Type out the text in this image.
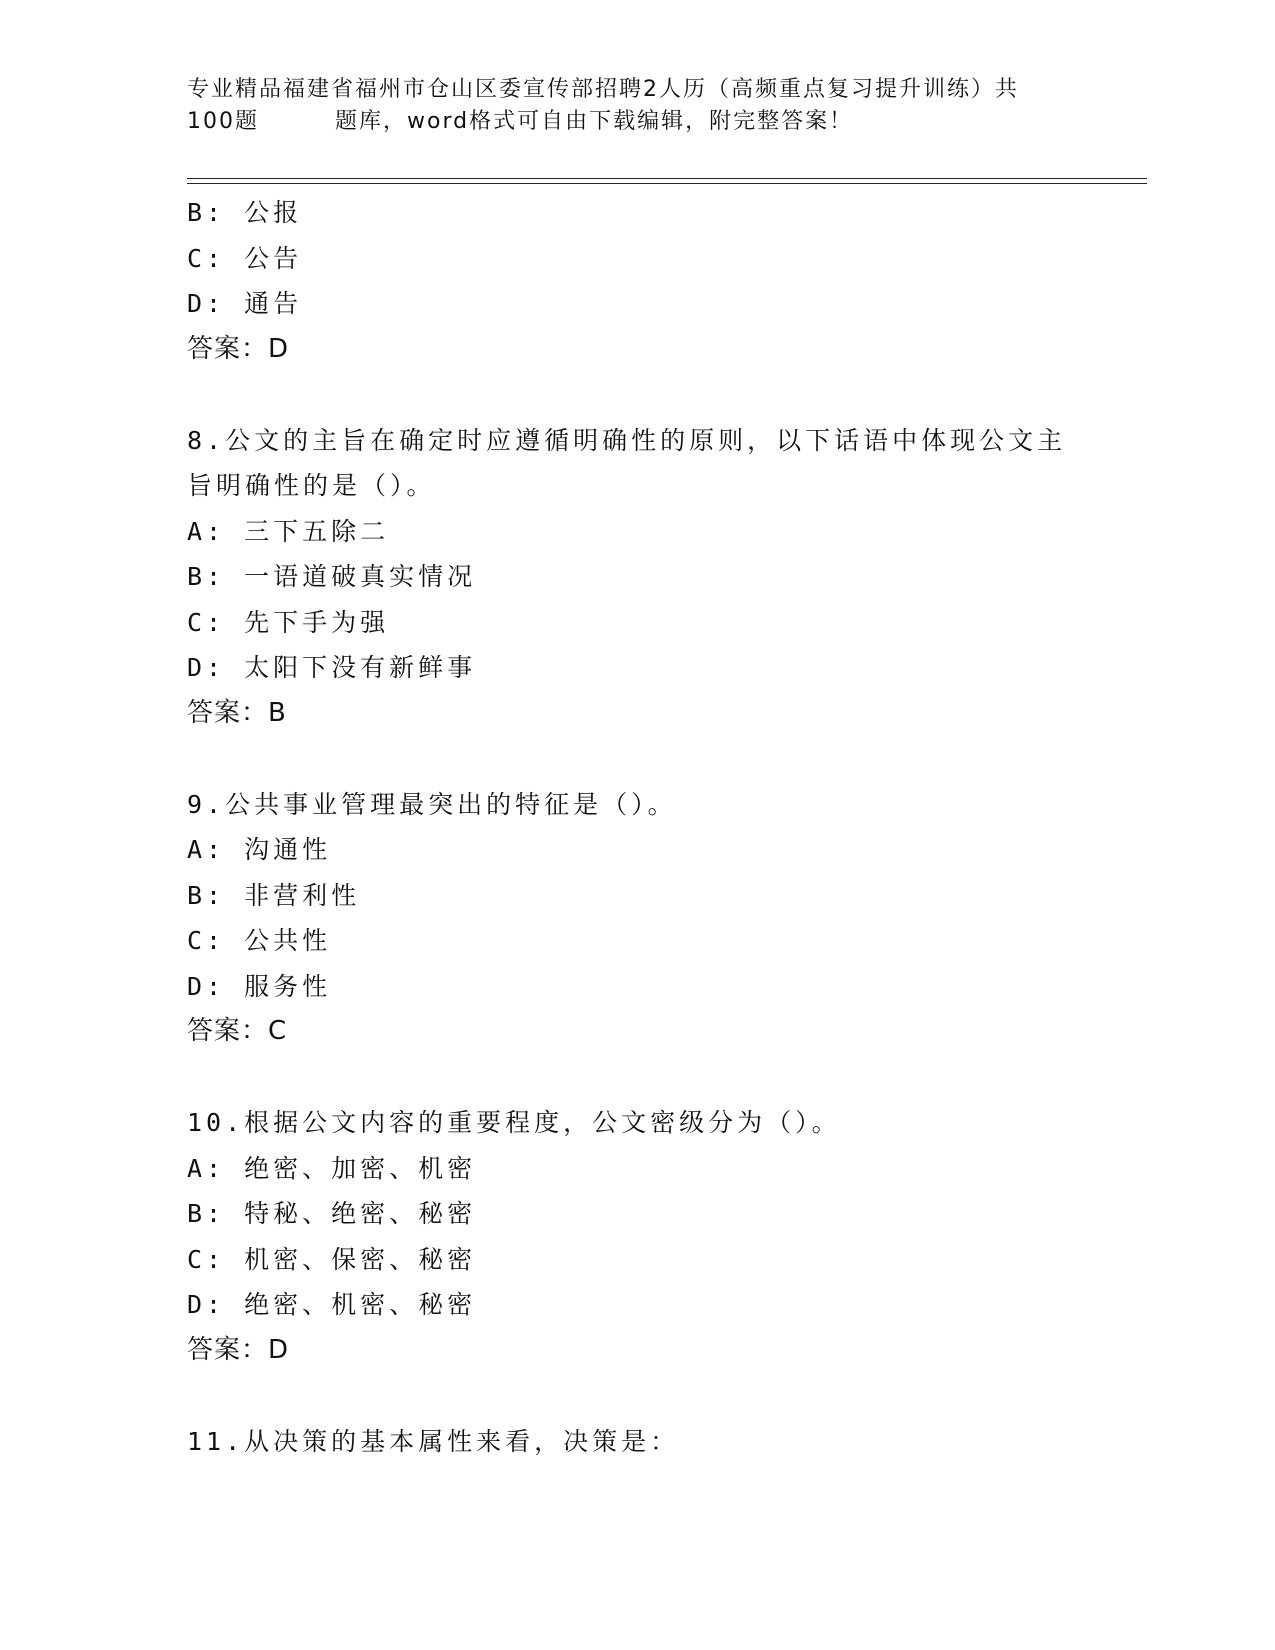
专业精品福建省福州市仓山区委宣传部招聘2人历（高频重点复习提升训练）共
100题	题库，word格式可自由下载编辑，附完整答案！
B: 公报
C: 公告
D: 通告
答案：D
8.公文的主旨在确定时应遵循明确性的原则，以下话语中体现公文主
旨明确性的是（）。
A: 三下五除二
B: 一语道破真实情况
C: 先下手为强
D: 太阳下没有新鲜事
答案：B
9.公共事业管理最突出的特征是（）。
A: 沟通性
B: 非营利性
C: 公共性
D: 服务性
答案：C
10.根据公文内容的重要程度，公文密级分为（）。
A: 绝密、加密、机密
B: 特秘、绝密、秘密
C: 机密、保密、秘密
D: 绝密、机密、秘密
答案：D
11.从决策的基本属性来看，决策是：
